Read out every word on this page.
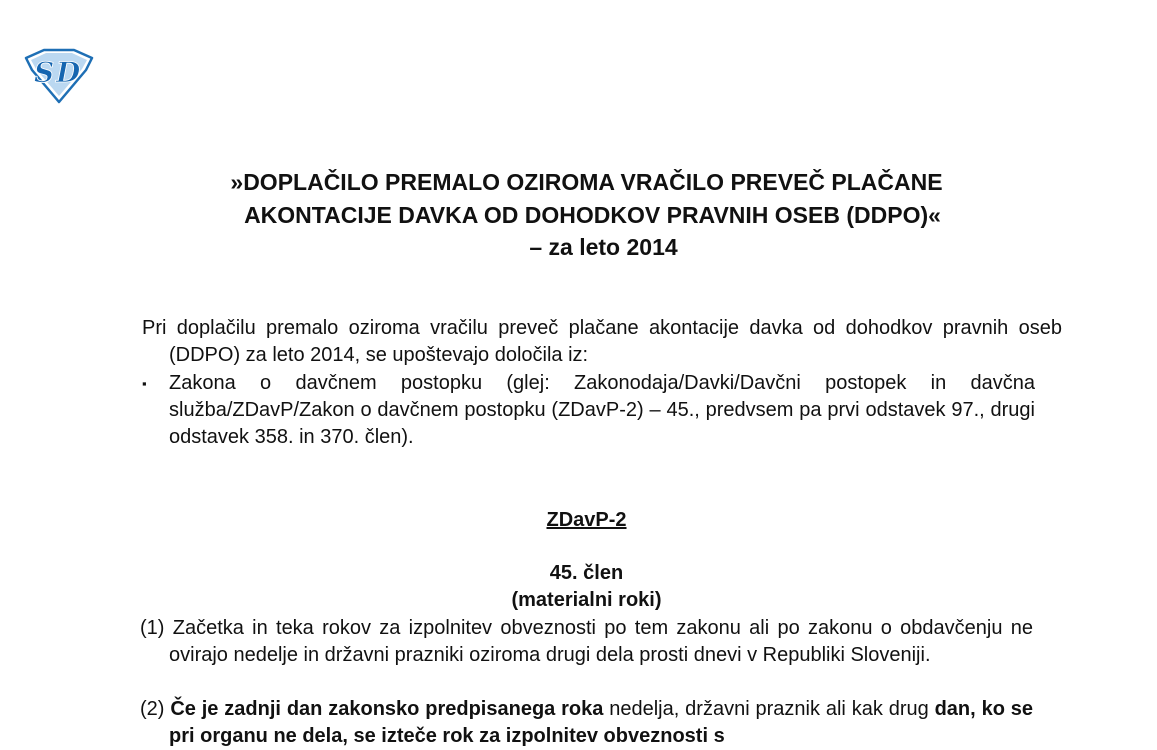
S D
»DOPLAČILO PREMALO OZIROMA VRAČILO PREVEČ PLAČANE
AKONTACIJE DAVKA OD DOHODKOV PRAVNIH OSEB (DDPO)«
– za leto 2014

Pri doplačilu premalo oziroma vračilu preveč plačane akontacije davka od dohodkov pravnih oseb (DDPO) za leto 2014, se upoštevajo določila iz:

▪	Zakona o davčnem postopku (glej: Zakonodaja/Davki/Davčni postopek in davčna služba/ZDavP/Zakon o davčnem postopku (ZDavP-2) – 45., predvsem pa prvi odstavek 97., drugi odstavek 358. in 370. člen).
ZDavP-2
45. člen
(materialni roki)
(1) Začetka in teka rokov za izpolnitev obveznosti po tem zakonu ali po zakonu o obdavčenju ne ovirajo nedelje in državni prazniki oziroma drugi dela prosti dnevi v Republiki Sloveniji.
(2) Če je zadnji dan zakonsko predpisanega roka nedelja, državni praznik ali kak drug dan, ko se pri organu ne dela, se izteče rok za izpolnitev obveznosti s
